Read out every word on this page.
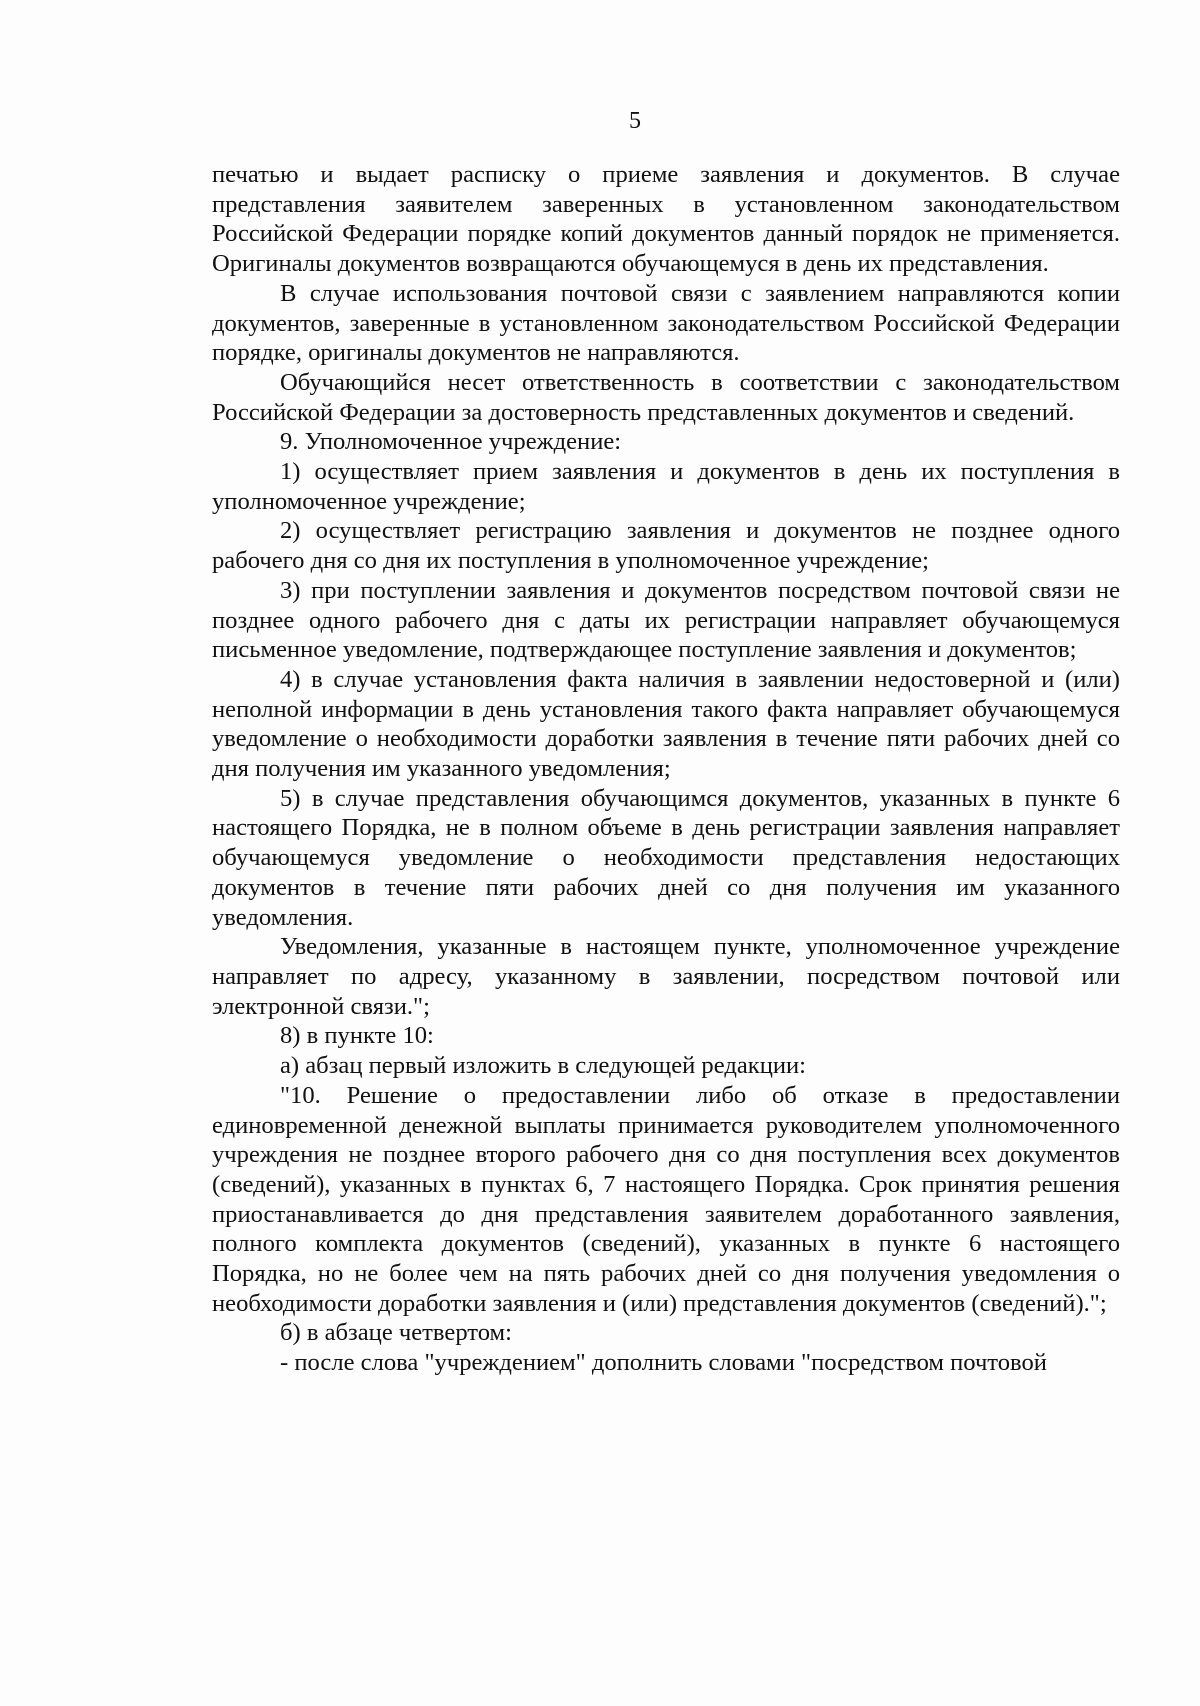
5

печатью и выдает расписку о приеме заявления и документов. В случае представления заявителем заверенных в установленном законодательством Российской Федерации порядке копий документов данный порядок не применяется. Оригиналы документов возвращаются обучающемуся в день их представления.

В случае использования почтовой связи с заявлением направляются копии документов, заверенные в установленном законодательством Российской Федерации порядке, оригиналы документов не направляются.

Обучающийся несет ответственность в соответствии с законодательством Российской Федерации за достоверность представленных документов и сведений.

9. Уполномоченное учреждение:

1) осуществляет прием заявления и документов в день их поступления в уполномоченное учреждение;

2) осуществляет регистрацию заявления и документов не позднее одного рабочего дня со дня их поступления в уполномоченное учреждение;

3) при поступлении заявления и документов посредством почтовой связи не позднее одного рабочего дня с даты их регистрации направляет обучающемуся письменное уведомление, подтверждающее поступление заявления и документов;

4) в случае установления факта наличия в заявлении недостоверной и (или) неполной информации в день установления такого факта направляет обучающемуся уведомление о необходимости доработки заявления в течение пяти рабочих дней со дня получения им указанного уведомления;

5) в случае представления обучающимся документов, указанных в пункте 6 настоящего Порядка, не в полном объеме в день регистрации заявления направляет обучающемуся уведомление о необходимости представления недостающих документов в течение пяти рабочих дней со дня получения им указанного уведомления.

Уведомления, указанные в настоящем пункте, уполномоченное учреждение направляет по адресу, указанному в заявлении, посредством почтовой или электронной связи.";

8) в пункте 10:

а) абзац первый изложить в следующей редакции:

"10. Решение о предоставлении либо об отказе в предоставлении единовременной денежной выплаты принимается руководителем уполномоченного учреждения не позднее второго рабочего дня со дня поступления всех документов (сведений), указанных в пунктах 6, 7 настоящего Порядка. Срок принятия решения приостанавливается до дня представления заявителем доработанного заявления, полного комплекта документов (сведений), указанных в пункте 6 настоящего Порядка, но не более чем на пять рабочих дней со дня получения уведомления о необходимости доработки заявления и (или) представления документов (сведений).";

б) в абзаце четвертом:

- после слова "учреждением" дополнить словами "посредством почтовой
